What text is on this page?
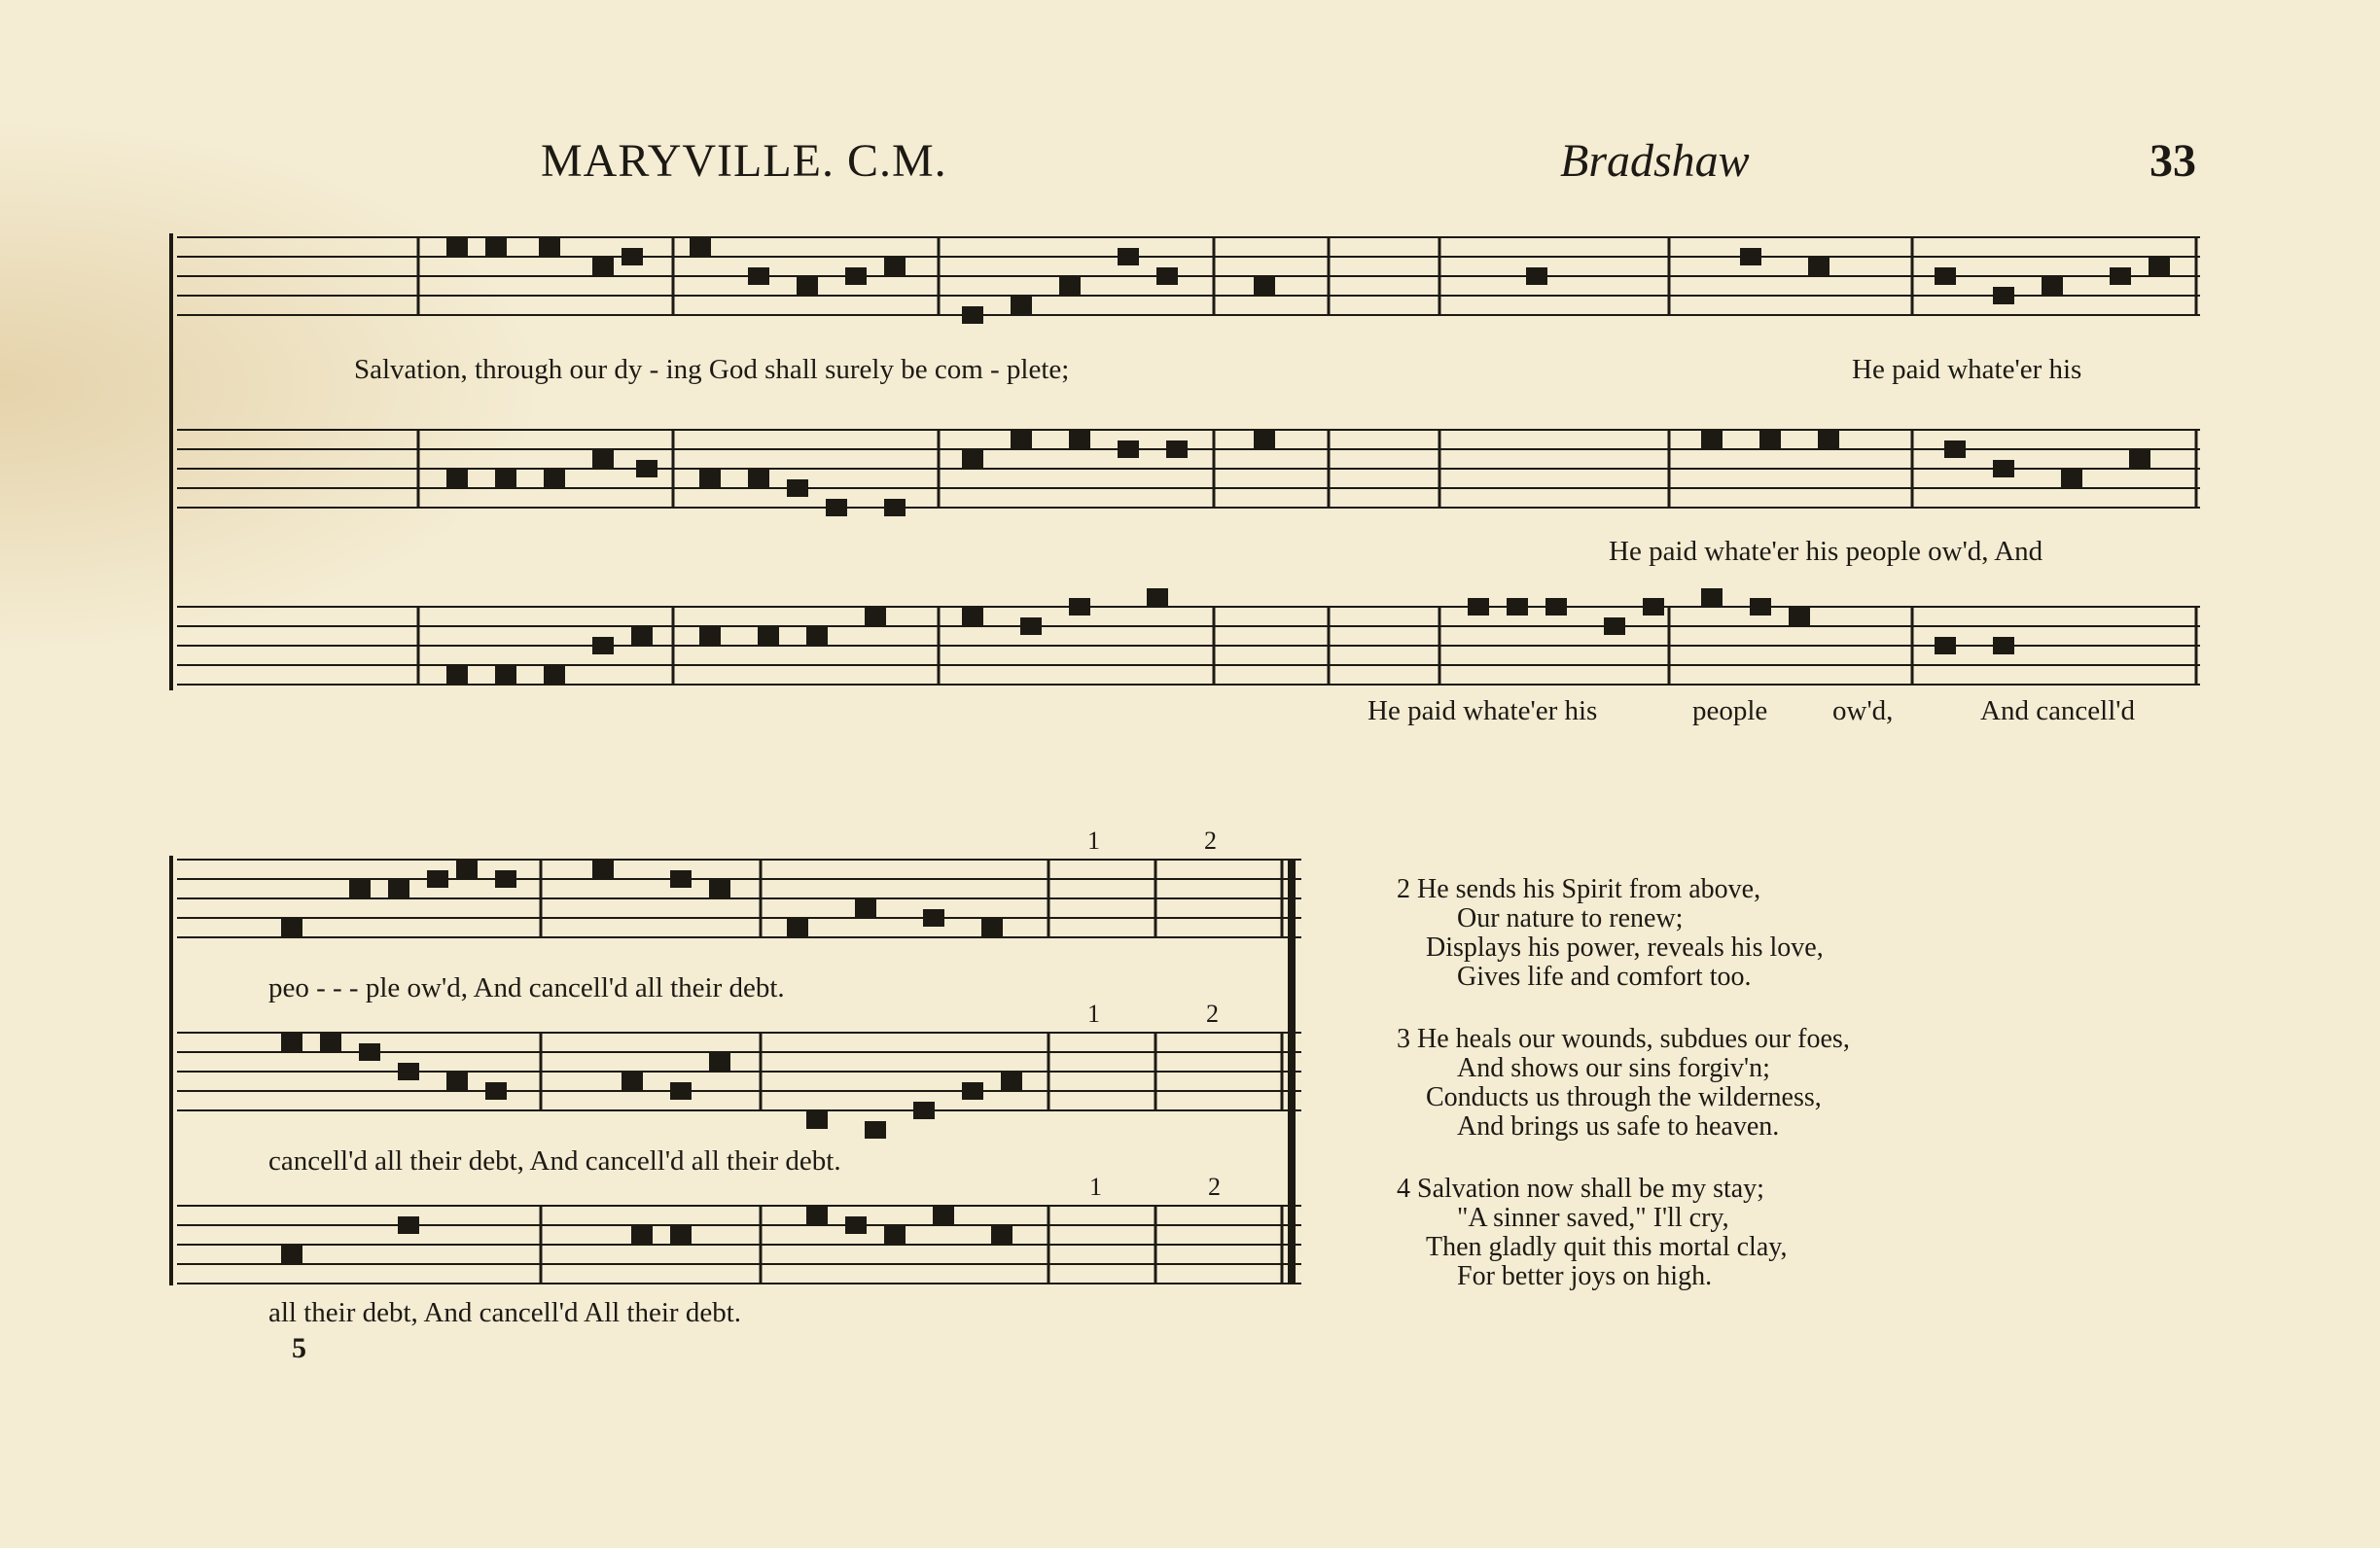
MARYVILLE. C.M.	Bradshaw	33
Salvation, through our dy - ing God shall surely be com - plete;	He paid whate'er his
He paid whate'er his people ow'd, And
He paid whate'er his	people ow'd,	And cancell'd
1	2
1	2
1	2
peo - - - ple ow'd, And cancell'd all their debt.
cancell'd all their debt, And cancell'd all their debt.
all their debt, And cancell'd All their debt.
5
2 He sends his Spirit from above,
Our nature to renew;
Displays his power, reveals his love,
Gives life and comfort too.
3 He heals our wounds, subdues our foes,
And shows our sins forgiv'n;
Conducts us through the wilderness,
And brings us safe to heaven.
4 Salvation now shall be my stay;
"A sinner saved," I'll cry,
Then gladly quit this mortal clay,
For better joys on high.
